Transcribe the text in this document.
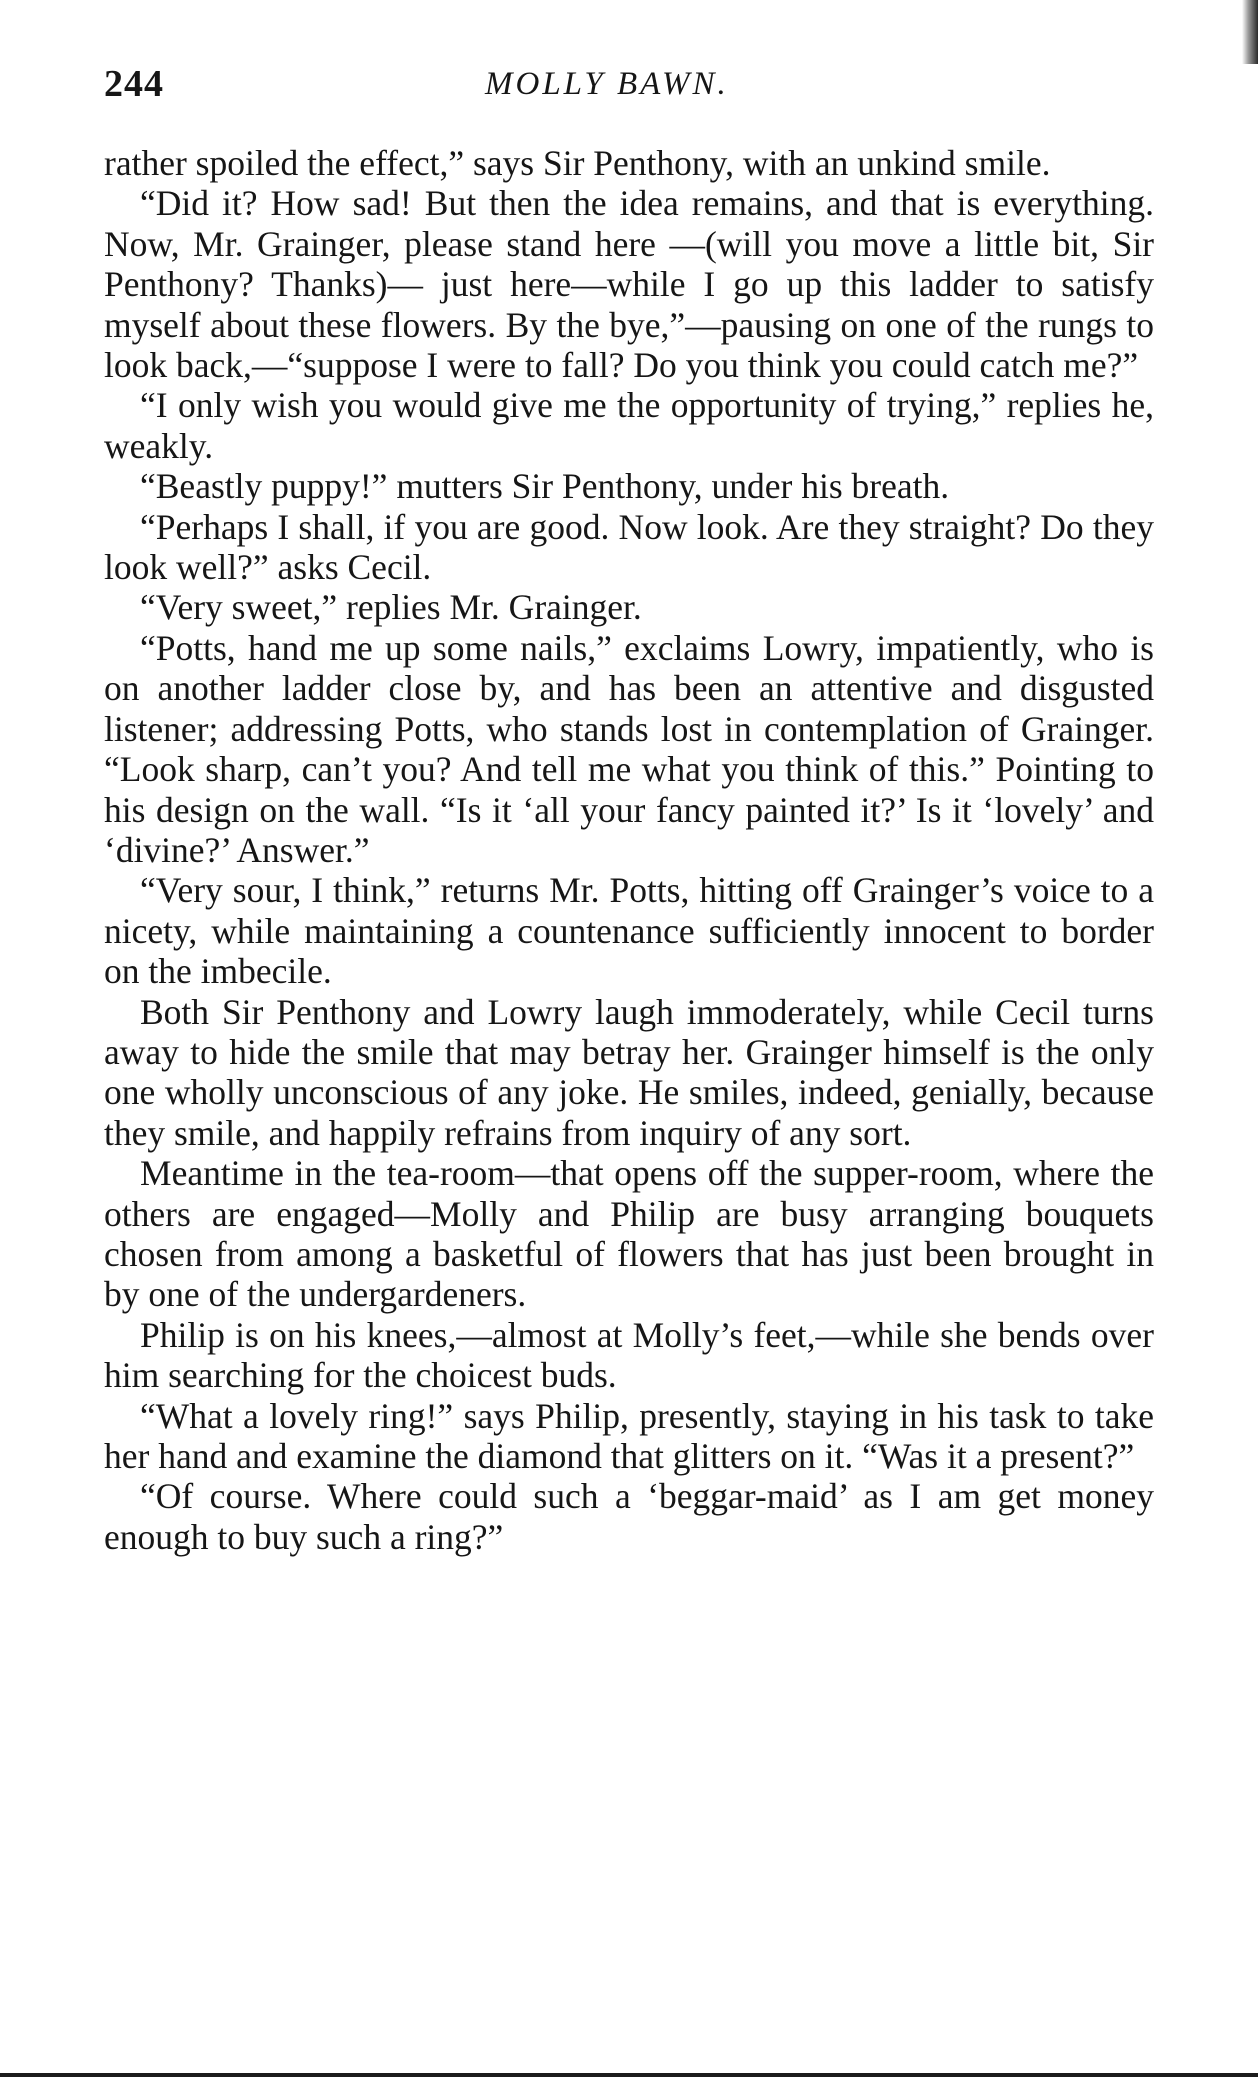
244	MOLLY BAWN.

rather spoiled the effect,” says Sir Penthony, with an unkind smile.

“Did it? How sad! But then the idea remains, and that is everything. Now, Mr. Grainger, please stand here —(will you move a little bit, Sir Penthony? Thanks)— just here—while I go up this ladder to satisfy myself about these flowers. By the bye,”—pausing on one of the rungs to look back,—“suppose I were to fall? Do you think you could catch me?”

“I only wish you would give me the opportunity of trying,” replies he, weakly.

“Beastly puppy!” mutters Sir Penthony, under his breath.

“Perhaps I shall, if you are good. Now look. Are they straight? Do they look well?” asks Cecil.

“Very sweet,” replies Mr. Grainger.

“Potts, hand me up some nails,” exclaims Lowry, impatiently, who is on another ladder close by, and has been an attentive and disgusted listener; addressing Potts, who stands lost in contemplation of Grainger. “Look sharp, can’t you? And tell me what you think of this.” Pointing to his design on the wall. “Is it ‘all your fancy painted it?’ Is it ‘lovely’ and ‘divine?’ Answer.”

“Very sour, I think,” returns Mr. Potts, hitting off Grainger’s voice to a nicety, while maintaining a countenance sufficiently innocent to border on the imbecile.

Both Sir Penthony and Lowry laugh immoderately, while Cecil turns away to hide the smile that may betray her. Grainger himself is the only one wholly unconscious of any joke. He smiles, indeed, genially, because they smile, and happily refrains from inquiry of any sort.

Meantime in the tea-room—that opens off the supper-room, where the others are engaged—Molly and Philip are busy arranging bouquets chosen from among a basketful of flowers that has just been brought in by one of the undergardeners.

Philip is on his knees,—almost at Molly’s feet,—while she bends over him searching for the choicest buds.

“What a lovely ring!” says Philip, presently, staying in his task to take her hand and examine the diamond that glitters on it. “Was it a present?”

“Of course. Where could such a ‘beggar-maid’ as I am get money enough to buy such a ring?”
